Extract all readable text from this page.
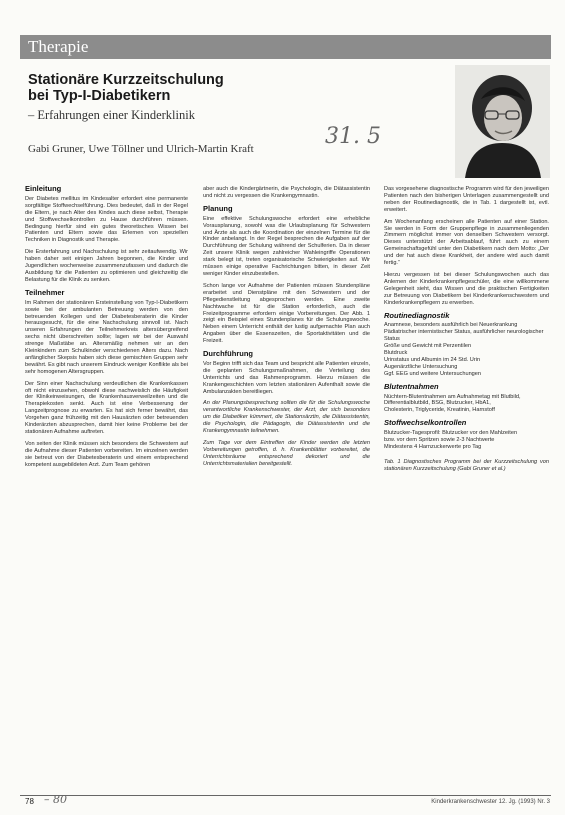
Therapie
Stationäre Kurzzeitschulung
bei Typ-I-Diabetikern
– Erfahrungen einer Kinderklinik
Gabi Gruner, Uwe Töllner und Ulrich-Martin Kraft	31. 5
Einleitung

Der Diabetes mellitus im Kindesalter erfordert eine permanente sorgfältige Stoffwechselführung. Dies bedeutet, daß in der Regel die Eltern, je nach Alter des Kindes auch diese selbst, Therapie und Stoffwechselkontrollen zu Hause durchführen müssen. Bedingung hierfür sind ein gutes theoretisches Wissen bei Patienten und Eltern sowie das Erlernen von speziellen Techniken in Diagnostik und Therapie.

Die Ersterfahrung und Nachschulung ist sehr zeitaufwendig. Wir haben daher seit einigen Jahren begonnen, die Kinder und Jugendlichen wochenweise zusammenzufassen und dadurch die Ausbildung für die Patienten zu optimieren und gleichzeitig die Belastung für die Klinik zu senken.

Teilnehmer

Im Rahmen der stationären Ersteinstellung von Typ-I-Diabetikern sowie bei der ambulanten Betreuung werden von den betreuenden Kollegen und der Diabetesberaterin die Kinder herausgesucht, für die eine Nachschulung sinnvoll ist. Nach unseren Erfahrungen der Teilnehmerkreis altersübergreifend sechs nicht überschreiten sollte; lagen wir bei der Auswahl strenge Maßstäbe an. Altersmäßig nehmen wir an den Kleinkindern zum Schulkinder verschiedenen Alters dazu. Nach anfänglicher Skepsis haben sich diese gemischten Gruppen sehr bewährt. Es gibt nach unserem Eindruck weniger Konflikte als bei sehr homogenen Altersgruppen.

Der Sinn einer Nachschulung verdeutlichen die Krankenkassen oft nicht einzusehen, obwohl diese nachweislich die Häufigkeit der Klinikeinweisungen, die Krankenhausverweilzeiten und die Therapiekosten senkt. Auch ist eine Verbesserung der Langzeitprognose zu erwarten. Es hat sich ferner bewährt, das Vorgehen ganz frühzeitig mit den Hausärzten oder betreuenden Kinderärzten abzusprechen, damit hier keine Probleme bei der stationären Aufnahme auftreten.

Von seiten der Klinik müssen sich besonders die Schwestern auf die Aufnahme dieser Patienten vorbereiten. Im einzelnen werden sie betreut von der Diabetesberaterin und einem entsprechend kompetent ausgebildeten Arzt. Zum Team gehören

aber auch die Kindergärtnerin, die Psychologin, die Diätassistentin und nicht zu vergessen die Krankengymnastin.

Planung

Eine effektive Schulungswoche erfordert eine erhebliche Vorausplanung, sowohl was die Urlaubsplanung für Schwestern und Ärzte als auch die Koordination der einzelnen Termine für die Kinder anbelangt. In der Regel besprechen die Aufgaben auf der Durchführung der Schulung während der Schulferien. Da in dieser Zeit unsere Klinik wegen zahlreicher Wahleingriffe Operationen stark belegt ist, treten organisatorische Schwierigkeiten auf. Wir müssen einige operative Fachrichtungen bitten, in dieser Zeit weniger Kinder einzubestellen.

Schon lange vor Aufnahme der Patienten müssen Stundenpläne erarbeitet und Dienstpläne mit den Schwestern und der Pflegedienstleitung abgesprochen werden. Eine zweite Nachtwache ist für die Station erforderlich, auch die Freizeitprogramme erfordern einige Vorbereitungen. Der Abb. 1 zeigt ein Beispiel eines Stundenplanes für die Schulungswoche. Neben einem Unterricht enthält der lustig aufgemachte Plan auch Angaben über die Essenszeiten, die Sportaktivitäten und die Freizeit.

Durchführung

Vor Beginn trifft sich das Team und bespricht alle Patienten einzeln, die geplanten Schulungsmaßnahmen, die Verteilung des Unterrichts und das Rahmenprogramm. Hierzu müssen die Krankengeschichten vom letzten stationären Aufenthalt sowie die Ambulanzakten bereitliegen.

An der Planungsbesprechung sollten die für die Schulungswoche verantwortliche Krankenschwester, der Arzt, der sich besonders um die Diabetiker kümmert, die Stationsärztin, die Diätassistentin, die Psychologin, die Pädagogin, die Diätassistentin und die Krankengymnastin teilnehmen.

Zum Tage vor dem Eintreffen der Kinder werden die letzten Vorbereitungen getroffen, d. h. Krankenblätter vorbereitet, die Unterrichtsräume entsprechend dekoriert und die Unterrichtsmaterialien bereitgestellt.

Das vorgesehene diagnostische Programm wird für den jeweiligen Patienten nach den bisherigen Unterlagen zusammengestellt und neben der Routinediagnostik, die in Tab. 1 dargestellt ist, evtl. erweitert.

Am Wochenanfang erscheinen alle Patienten auf einer Station. Sie werden in Form der Gruppenpflege in zusammenliegenden Zimmern möglichst immer von denselben Schwestern versorgt. Dieses unterstützt der Arbeitsablauf, führt auch zu einem Gemeinschaftsgefühl unter den Diabetikern nach dem Motto: „Der und der hat auch diese Krankheit, der andere wird auch damit fertig.“

Hierzu vergessen ist bei dieser Schulungswochen auch das Anlernen der Kinderkrankenpflegeschüler, die eine willkommene Gelegenheit sieht, das Wissen und die praktischen Fertigkeiten zur Betreuung von Diabetikern bei Kinderkrankenschwestern und Kinderkrankenpflegern zu erwerben.

Routinediagnostik
Anamnese, besonders ausführlich bei Neuerkrankung
Pädiatrischer internistischer Status, ausführlicher neurologischer Status
Größe und Gewicht mit Perzentilen
Blutdruck
Urinstatus und Albumin im 24 Std. Urin
Augenärztliche Untersuchung
Ggf. EEG und weitere Untersuchungen
Blutentnahmen
Nüchtern-Blutentnahmen am Aufnahmetag mit Blutbild,
Differentialblutbild, BSG, Blutzucker, HbA1,
Cholesterin, Triglyceride, Kreatinin, Harnstoff
Stoffwechselkontrollen
Blutzucker-Tagesprofil: Blutzucker vor den Mahlzeiten
bzw. vor dem Spritzen sowie 2-3 Nachtwerte
Mindestens 4 Harnzuckerwerte pro Tag

Tab. 1 Diagnostisches Programm bei der Kurzzeitschulung von stationären Kurzzeitschulung (Gabi Gruner et al.)

78 – 80	Kinderkrankenschwester 12. Jg. (1993) Nr. 3
